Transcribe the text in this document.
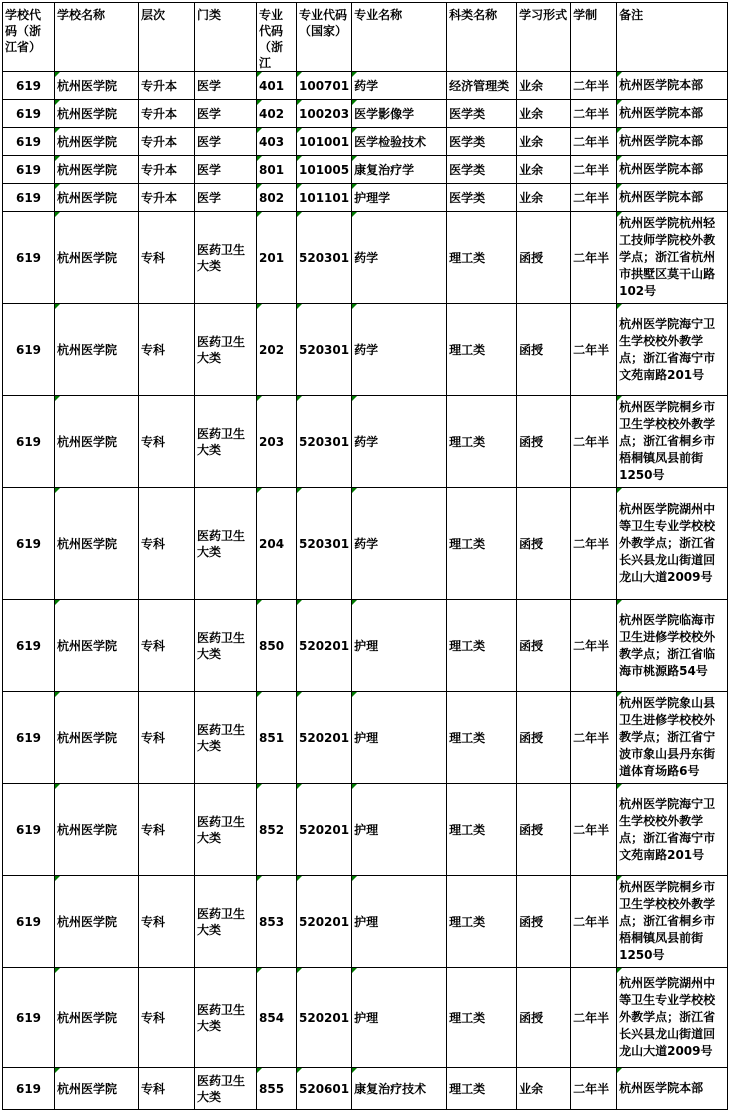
学校代码（浙江省）	学校名称	层次	门类	专业代码（浙江	专业代码（国家）	专业名称	科类名称	学习形式	学制	备注
619	杭州医学院	专升本	医学	401	100701	药学	经济管理类	业余	二年半	杭州医学院本部
619	杭州医学院	专升本	医学	402	100203	医学影像学	医学类	业余	二年半	杭州医学院本部
619	杭州医学院	专升本	医学	403	101001	医学检验技术	医学类	业余	二年半	杭州医学院本部
619	杭州医学院	专升本	医学	801	101005	康复治疗学	医学类	业余	二年半	杭州医学院本部
619	杭州医学院	专升本	医学	802	101101	护理学	医学类	业余	二年半	杭州医学院本部
619	杭州医学院	专科	医药卫生大类	201	520301	药学	理工类	函授	二年半	杭州医学院杭州轻工技师学院校外教学点；浙江省杭州市拱墅区莫干山路102号
619	杭州医学院	专科	医药卫生大类	202	520301	药学	理工类	函授	二年半	杭州医学院海宁卫生学校校外教学点；浙江省海宁市文苑南路201号
619	杭州医学院	专科	医药卫生大类	203	520301	药学	理工类	函授	二年半	杭州医学院桐乡市卫生学校校外教学点；浙江省桐乡市梧桐镇凤县前街1250号
619	杭州医学院	专科	医药卫生大类	204	520301	药学	理工类	函授	二年半	杭州医学院湖州中等卫生专业学校校外教学点；浙江省长兴县龙山街道回龙山大道2009号
619	杭州医学院	专科	医药卫生大类	850	520201	护理	理工类	函授	二年半	杭州医学院临海市卫生进修学校校外教学点；浙江省临海市桃源路54号
619	杭州医学院	专科	医药卫生大类	851	520201	护理	理工类	函授	二年半	杭州医学院象山县卫生进修学校校外教学点；浙江省宁波市象山县丹东街道体育场路6号
619	杭州医学院	专科	医药卫生大类	852	520201	护理	理工类	函授	二年半	杭州医学院海宁卫生学校校外教学点；浙江省海宁市文苑南路201号
619	杭州医学院	专科	医药卫生大类	853	520201	护理	理工类	函授	二年半	杭州医学院桐乡市卫生学校校外教学点；浙江省桐乡市梧桐镇凤县前街1250号
619	杭州医学院	专科	医药卫生大类	854	520201	护理	理工类	函授	二年半	杭州医学院湖州中等卫生专业学校校外教学点；浙江省长兴县龙山街道回龙山大道2009号
619	杭州医学院	专科	医药卫生大类	855	520601	康复治疗技术	理工类	业余	二年半	杭州医学院本部
